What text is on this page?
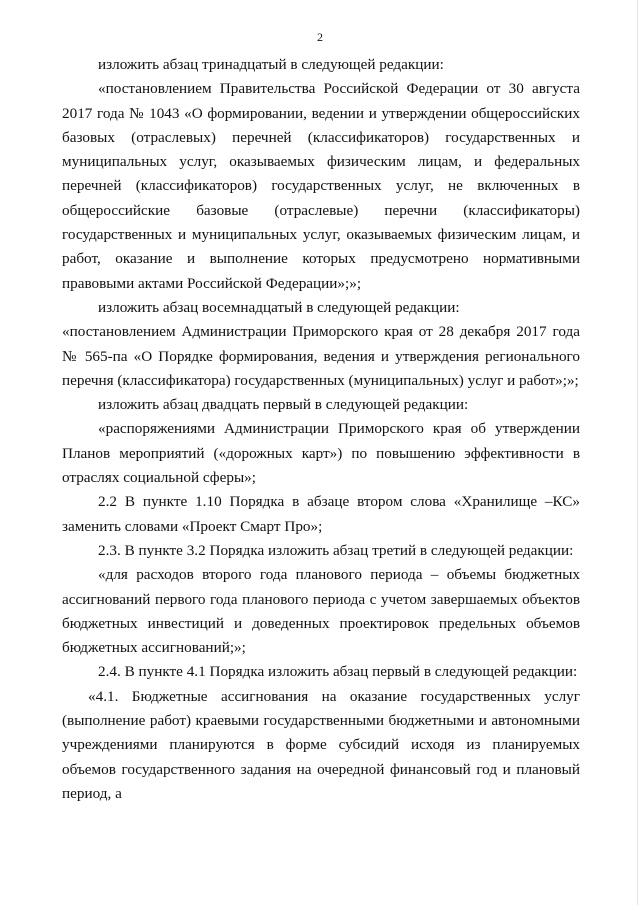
2

изложить абзац тринадцатый в следующей редакции:

«постановлением Правительства Российской Федерации от 30 августа 2017 года № 1043 «О формировании, ведении и утверждении общероссийских базовых (отраслевых) перечней (классификаторов) государственных и муниципальных услуг, оказываемых физическим лицам, и федеральных перечней (классификаторов) государственных услуг, не включенных в общероссийские базовые (отраслевые) перечни (классификаторы) государственных и муниципальных услуг, оказываемых физическим лицам, и работ, оказание и выполнение которых предусмотрено нормативными правовыми актами Российской Федерации»;»;

изложить абзац восемнадцатый в следующей редакции:

«постановлением Администрации Приморского края от 28 декабря 2017 года № 565-па «О Порядке формирования, ведения и утверждения регионального перечня (классификатора) государственных (муниципальных) услуг и работ»;»;

изложить абзац двадцать первый в следующей редакции:

«распоряжениями Администрации Приморского края об утверждении Планов мероприятий («дорожных карт») по повышению эффективности в отраслях социальной сферы»;

2.2 В пункте 1.10 Порядка в абзаце втором слова «Хранилище –КС» заменить словами «Проект Смарт Про»;

2.3. В пункте 3.2 Порядка изложить абзац третий в следующей редакции:

«для расходов второго года планового периода – объемы бюджетных ассигнований первого года планового периода с учетом завершаемых объектов бюджетных инвестиций и доведенных проектировок предельных объемов бюджетных ассигнований;»;

2.4. В пункте 4.1 Порядка изложить абзац первый в следующей редакции:

«4.1. Бюджетные ассигнования на оказание государственных услуг (выполнение работ) краевыми государственными бюджетными и автономными учреждениями планируются в форме субсидий исходя из планируемых объемов государственного задания на очередной финансовый год и плановый период, а
